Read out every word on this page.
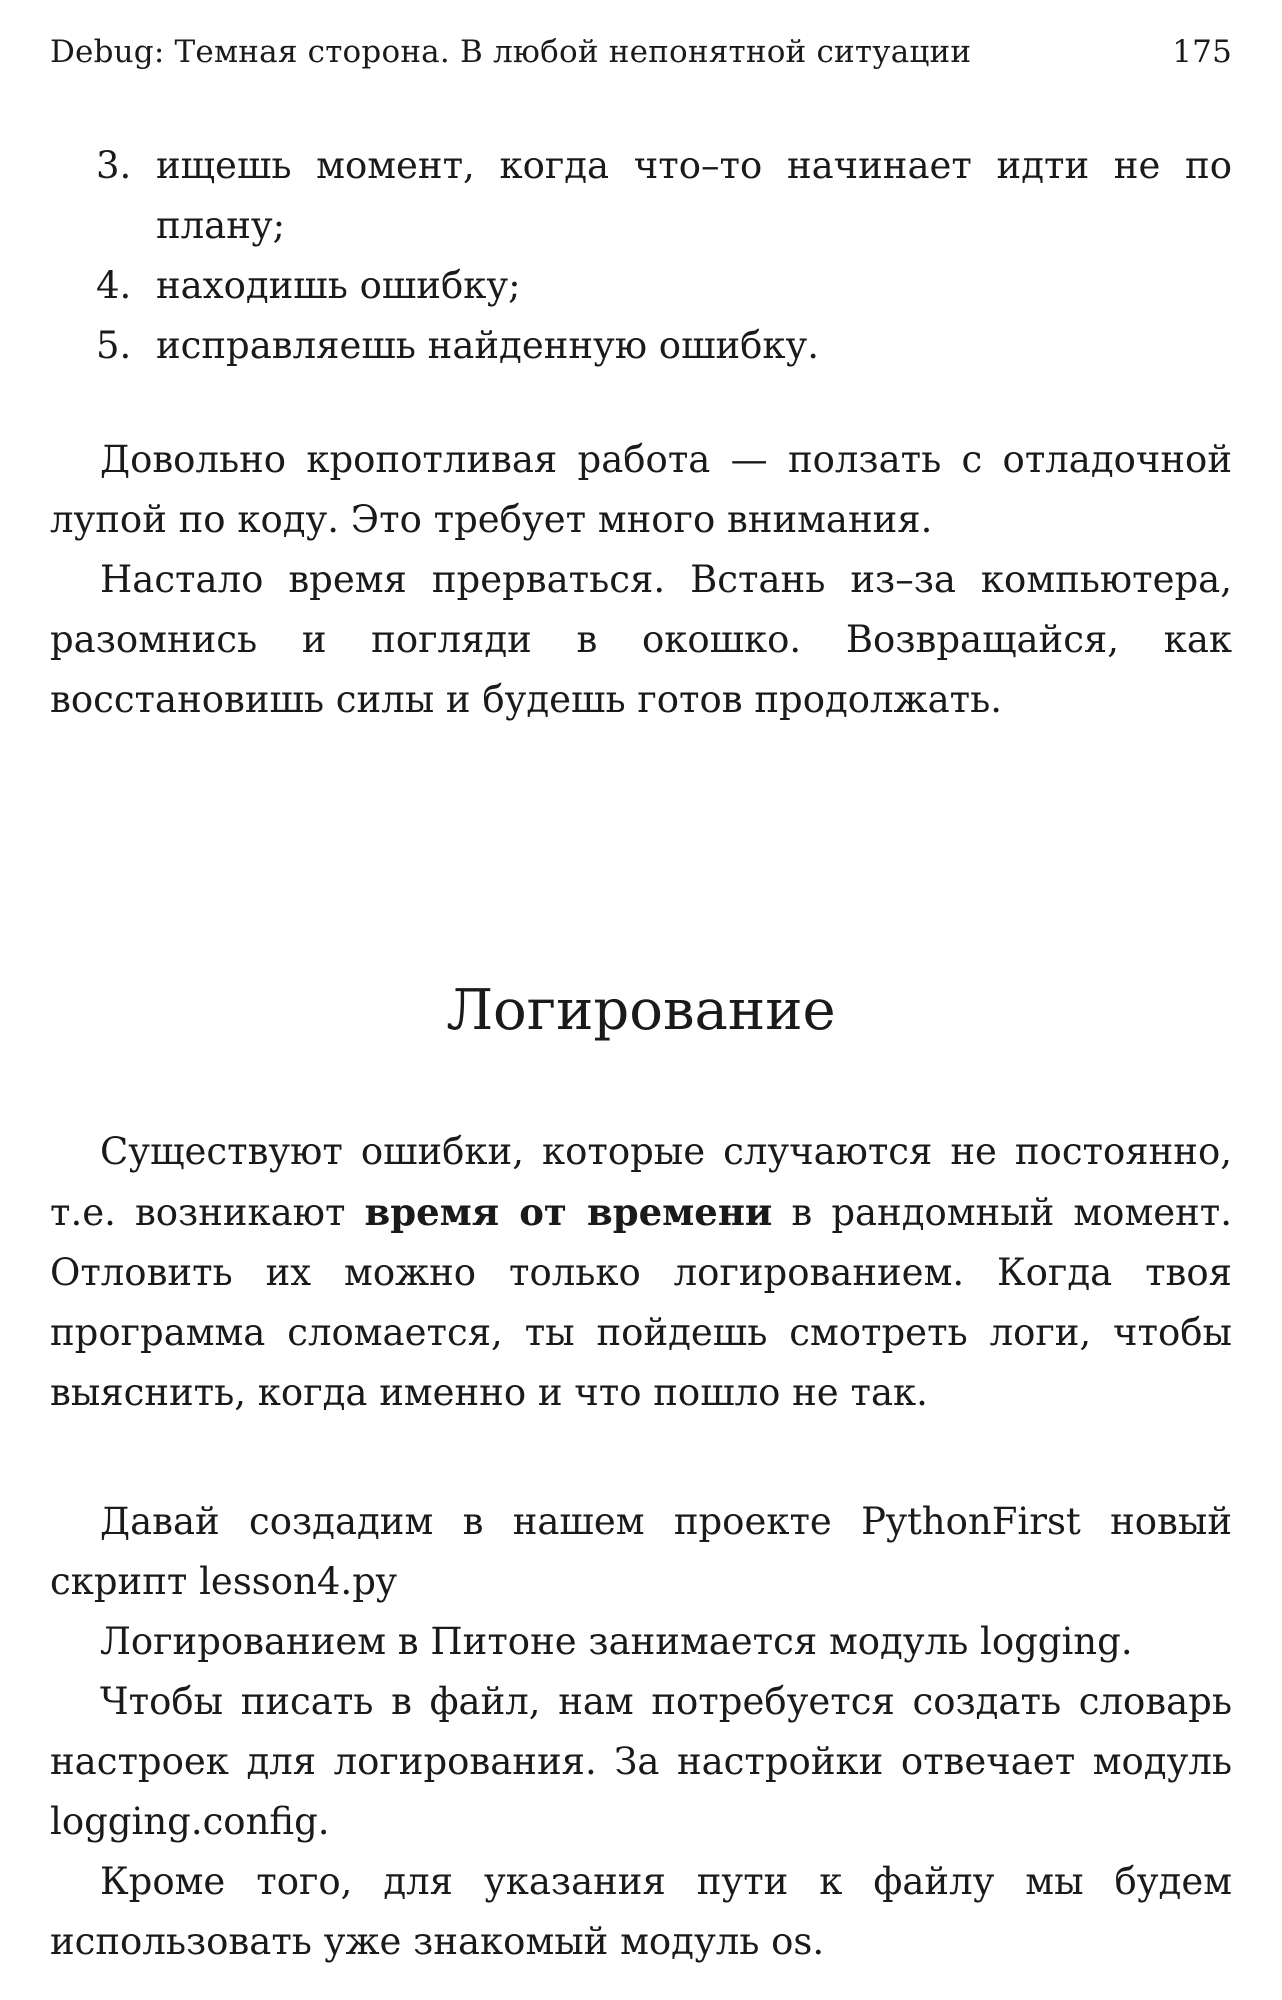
Debug: Темная сторона. В любой непонятной ситуации	175
3. ищешь момент, когда что–то начинает идти не по плану;
4. находишь ошибку;
5. исправляешь найденную ошибку.

Довольно кропотливая работа — ползать с отладочной лупой по коду. Это требует много внимания.

Настало время прерваться. Встань из–за компьютера, разомнись и погляди в окошко. Возвращайся, как восстановишь силы и будешь готов продолжать.

Логирование

Существуют ошибки, которые случаются не постоянно, т.е. возникают время от времени в рандомный момент. Отловить их можно только логированием. Когда твоя программа сломается, ты пойдешь смотреть логи, чтобы выяснить, когда именно и что пошло не так.

Давай создадим в нашем проекте PythonFirst новый скрипт lesson4.py

Логированием в Питоне занимается модуль logging.

Чтобы писать в файл, нам потребуется создать словарь настроек для логирования. За настройки отвечает модуль logging.config.

Кроме того, для указания пути к файлу мы будем использовать уже знакомый модуль os.
